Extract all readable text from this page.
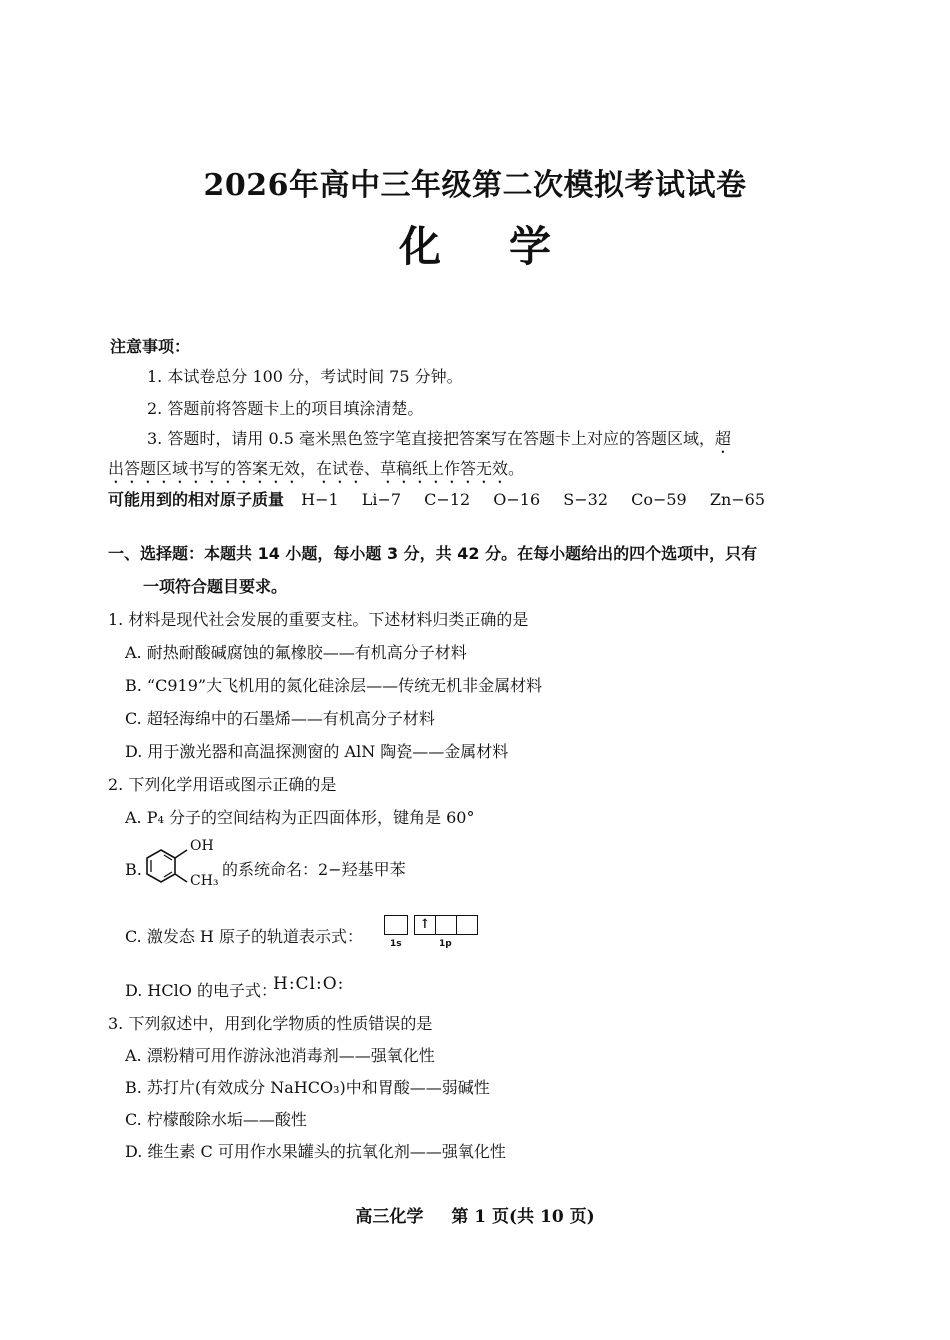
2026年高中三年级第二次模拟考试试卷
化 学
注意事项：
1. 本试卷总分 100 分，考试时间 75 分钟。
2. 答题前将答题卡上的项目填涂清楚。
3. 答题时，请用 0.5 毫米黑色签字笔直接把答案写在答题卡上对应的答题区域，超
出答题区域书写的答案无效，在试卷、草稿纸上作答无效。
可能用到的相对原子质量 H−1 Li−7 C−12 O−16 S−32 Co−59 Zn−65
一、选择题：本题共 14 小题，每小题 3 分，共 42 分。在每小题给出的四个选项中，只有
一项符合题目要求。
1. 材料是现代社会发展的重要支柱。下述材料归类正确的是
A. 耐热耐酸碱腐蚀的氟橡胶——有机高分子材料
B. “C919”大飞机用的氮化硅涂层——传统无机非金属材料
C. 超轻海绵中的石墨烯——有机高分子材料
D. 用于激光器和高温探测窗的 AlN 陶瓷——金属材料
2. 下列化学用语或图示正确的是
A. P₄ 分子的空间结构为正四面体形，键角是 60°
B.
OH
CH₃
的系统命名：2−羟基甲苯
C. 激发态 H 原子的轨道表示式：
↑
1s	1p
D. HClO 的电子式：
H:Cl:O:
3. 下列叙述中，用到化学物质的性质错误的是
A. 漂粉精可用作游泳池消毒剂——强氧化性
B. 苏打片(有效成分 NaHCO₃)中和胃酸——弱碱性
C. 柠檬酸除水垢——酸性
D. 维生素 C 可用作水果罐头的抗氧化剂——强氧化性
高三化学 第 1 页(共 10 页)
